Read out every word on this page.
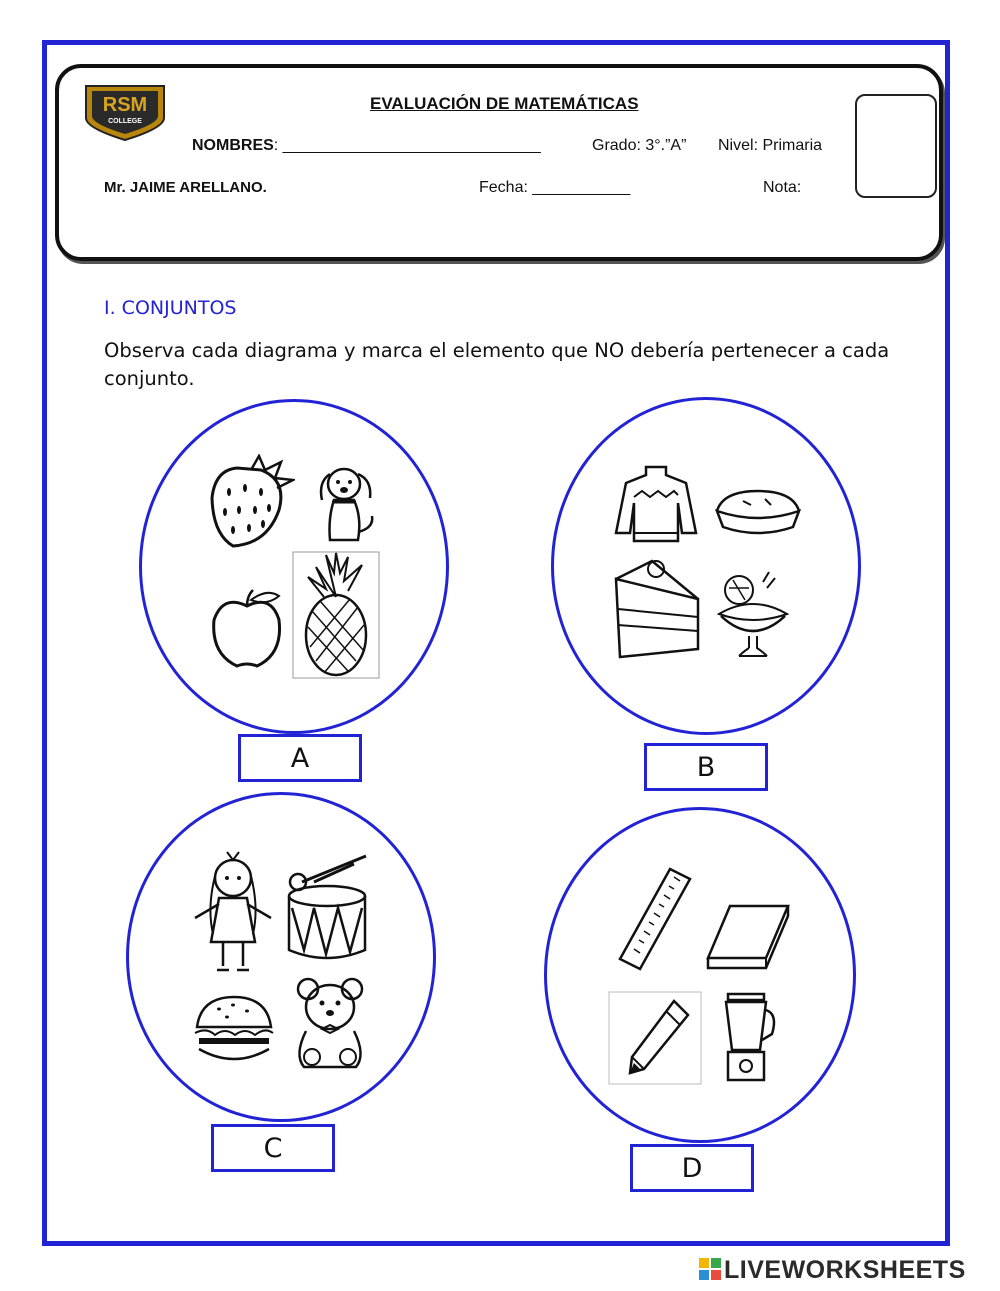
RSM
COLLEGE
EVALUACIÓN DE MATEMÁTICAS
NOMBRES: _____________________________	Grado: 3°.”A” Nivel: Primaria
Mr. JAIME ARELLANO.	Fecha: ___________	Nota:
I. CONJUNTOS
Observa cada diagrama y marca el elemento que NO debería pertenecer a cada conjunto.
A	B
C
D
LIVEWORKSHEETS
